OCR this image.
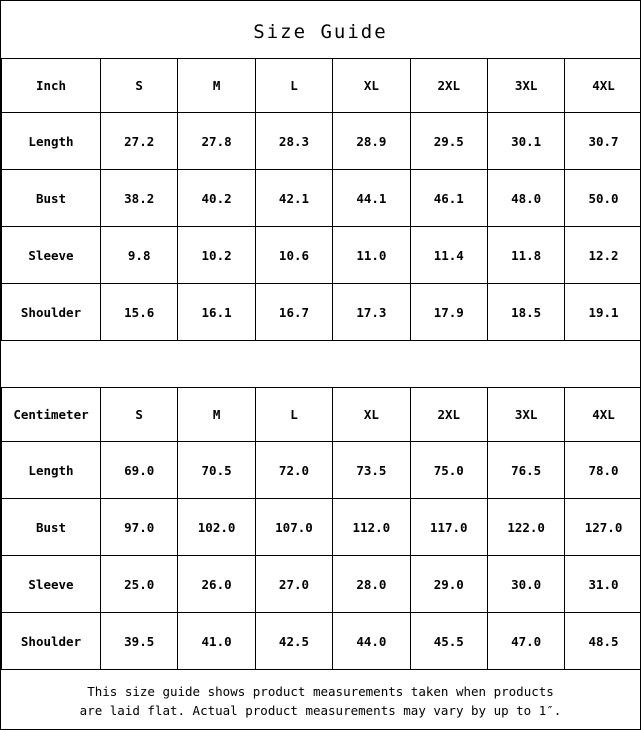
Size Guide
Inch	S	M	L	XL	2XL	3XL	4XL
Length	27.2	27.8	28.3	28.9	29.5	30.1	30.7
Bust	38.2	40.2	42.1	44.1	46.1	48.0	50.0
Sleeve	9.8	10.2	10.6	11.0	11.4	11.8	12.2
Shoulder	15.6	16.1	16.7	17.3	17.9	18.5	19.1
Centimeter	S	M	L	XL	2XL	3XL	4XL
Length	69.0	70.5	72.0	73.5	75.0	76.5	78.0
Bust	97.0	102.0	107.0	112.0	117.0	122.0	127.0
Sleeve	25.0	26.0	27.0	28.0	29.0	30.0	31.0
Shoulder	39.5	41.0	42.5	44.0	45.5	47.0	48.5
This size guide shows product measurements taken when products
are laid flat. Actual product measurements may vary by up to 1″.
